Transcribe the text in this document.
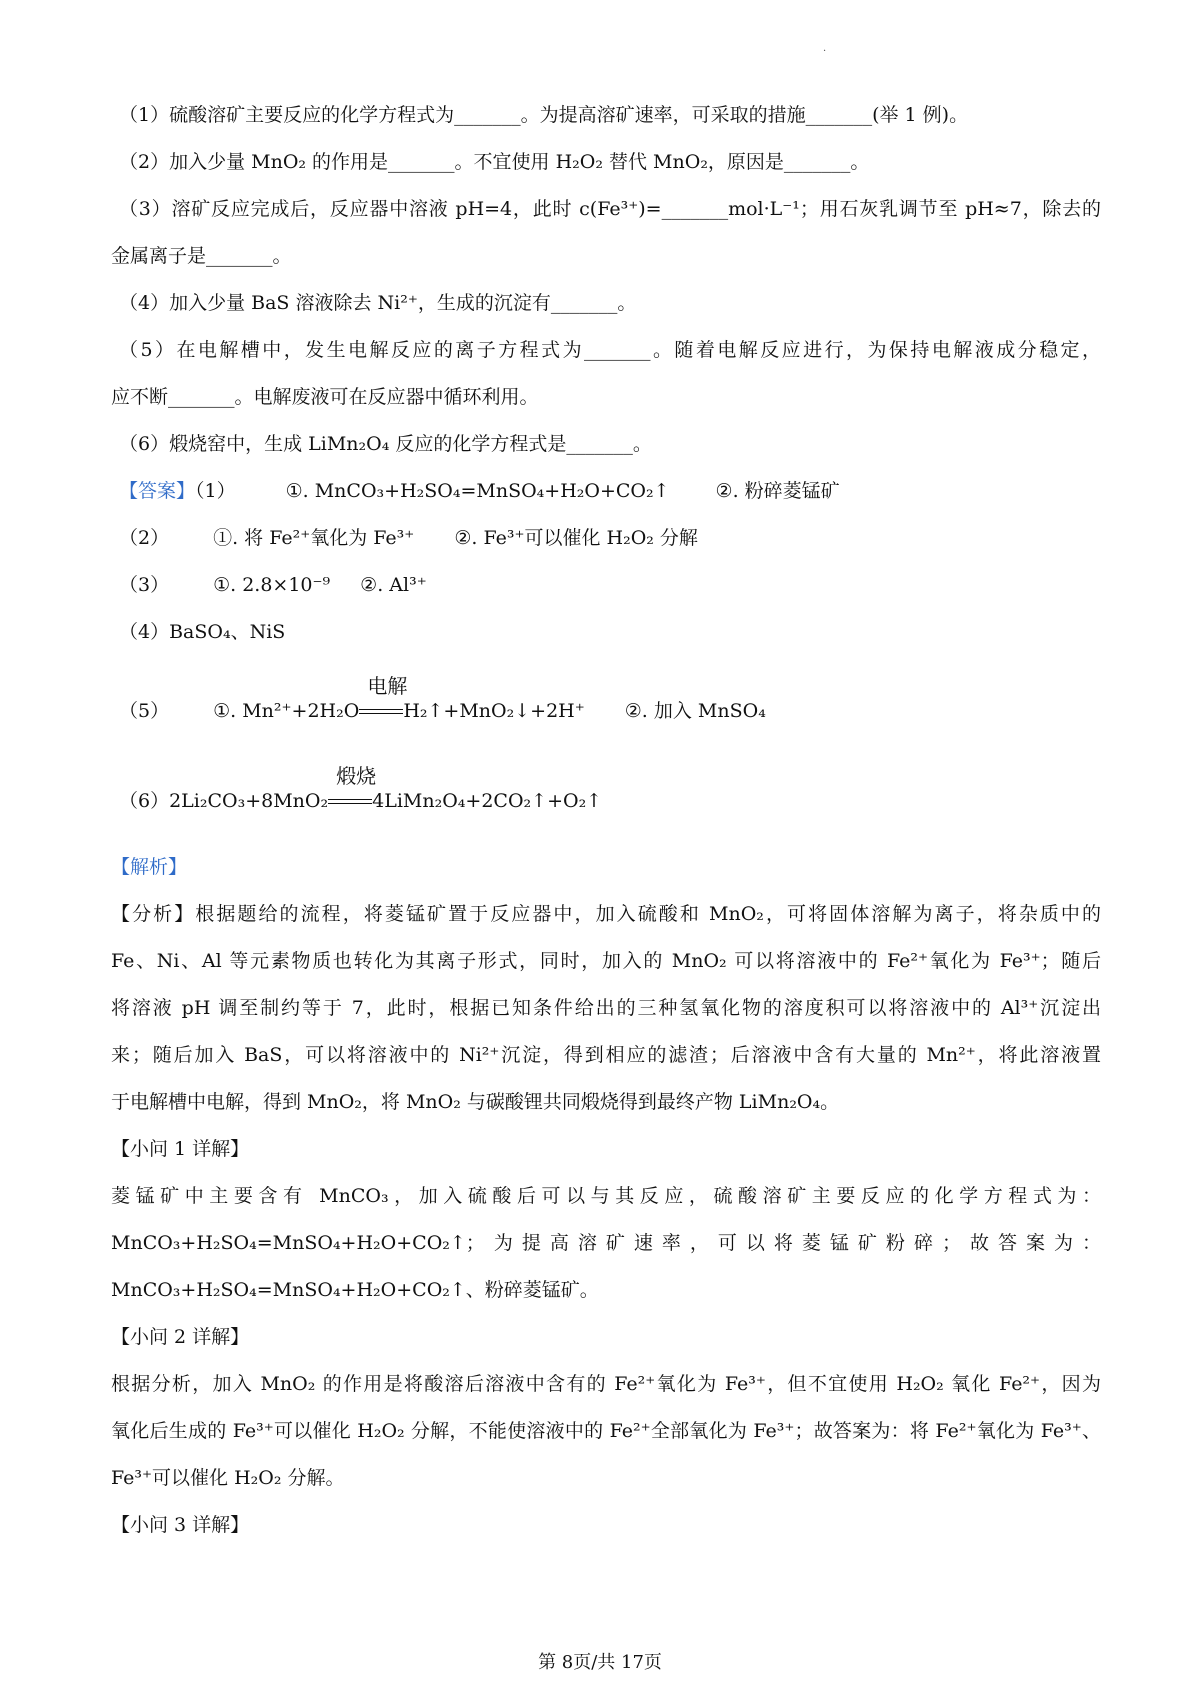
·
（1）硫酸溶矿主要反应的化学方程式为_______。为提高溶矿速率，可采取的措施_______(举 1 例)。
（2）加入少量 MnO₂ 的作用是_______。不宜使用 H₂O₂ 替代 MnO₂，原因是_______。
（3）溶矿反应完成后，反应器中溶液 pH=4，此时 c(Fe³⁺)=_______mol·L⁻¹；用石灰乳调节至 pH≈7，除去的
金属离子是_______。
（4）加入少量 BaS 溶液除去 Ni²⁺，生成的沉淀有_______。
（5）在电解槽中，发生电解反应的离子方程式为_______。随着电解反应进行，为保持电解液成分稳定，
应不断_______。电解废液可在反应器中循环利用。
（6）煅烧窑中，生成 LiMn₂O₄ 反应的化学方程式是_______。
【答案】（1）	①. MnCO₃+H₂SO₄=MnSO₄+H₂O+CO₂↑ ②. 粉碎菱锰矿
（2） ①. 将 Fe²⁺氧化为 Fe³⁺ ②. Fe³⁺可以催化 H₂O₂ 分解
（3） ①. 2.8×10⁻⁹ ②. Al³⁺
（4）BaSO₄、NiS
（5） ①. Mn²⁺+2H₂O
电解
H₂↑+MnO₂↓+2H⁺ ②. 加入 MnSO₄
（6）2Li₂CO₃+8MnO₂
煅烧
4LiMn₂O₄+2CO₂↑+O₂↑
【解析】
【分析】根据题给的流程，将菱锰矿置于反应器中，加入硫酸和 MnO₂，可将固体溶解为离子，将杂质中的
Fe、Ni、Al 等元素物质也转化为其离子形式，同时，加入的 MnO₂ 可以将溶液中的 Fe²⁺氧化为 Fe³⁺；随后
将溶液 pH 调至制约等于 7，此时，根据已知条件给出的三种氢氧化物的溶度积可以将溶液中的 Al³⁺沉淀出
来；随后加入 BaS，可以将溶液中的 Ni²⁺沉淀，得到相应的滤渣；后溶液中含有大量的 Mn²⁺，将此溶液置
于电解槽中电解，得到 MnO₂，将 MnO₂ 与碳酸锂共同煅烧得到最终产物 LiMn₂O₄。
【小问 1 详解】
菱锰矿中主要含有 MnCO₃，加入硫酸后可以与其反应，硫酸溶矿主要反应的化学方程式为：
MnCO₃+H₂SO₄=MnSO₄+H₂O+CO₂↑；为提高溶矿速率，可以将菱锰矿粉碎；故答案为：
MnCO₃+H₂SO₄=MnSO₄+H₂O+CO₂↑、粉碎菱锰矿。
【小问 2 详解】
根据分析，加入 MnO₂ 的作用是将酸溶后溶液中含有的 Fe²⁺氧化为 Fe³⁺，但不宜使用 H₂O₂ 氧化 Fe²⁺，因为
氧化后生成的 Fe³⁺可以催化 H₂O₂ 分解，不能使溶液中的 Fe²⁺全部氧化为 Fe³⁺；故答案为：将 Fe²⁺氧化为 Fe³⁺、
Fe³⁺可以催化 H₂O₂ 分解。
【小问 3 详解】
第 8页/共 17页
